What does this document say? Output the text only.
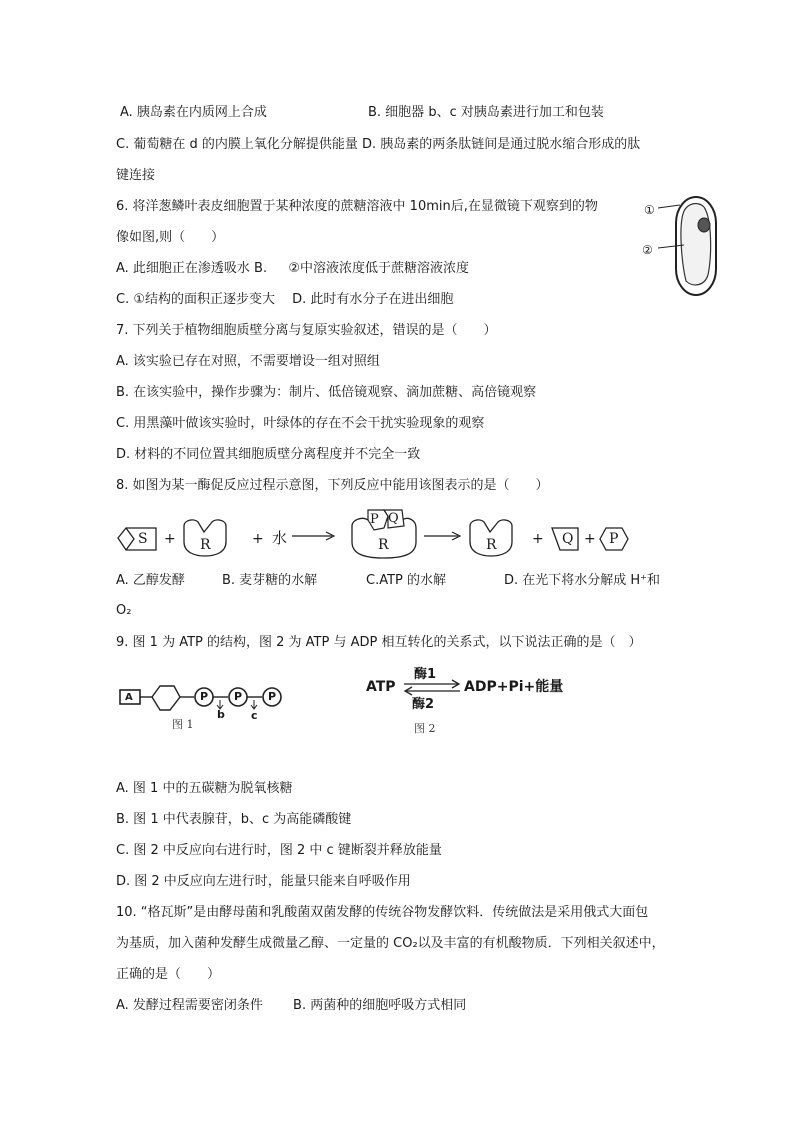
A. 胰岛素在内质网上合成	B. 细胞器 b、c 对胰岛素进行加工和包装
C. 葡萄糖在 d 的内膜上氧化分解提供能量 D. 胰岛素的两条肽链间是通过脱水缩合形成的肽
键连接
6. 将洋葱鳞叶表皮细胞置于某种浓度的蔗糖溶液中 10min后,在显微镜下观察到的物
像如图,则（　　）
A. 此细胞正在渗透吸水 B. 　 ②中溶液浓度低于蔗糖溶液浓度
C. ①结构的面积正逐步变大　 D. 此时有水分子在进出细胞
①
②
7. 下列关于植物细胞质壁分离与复原实验叙述，错误的是（　　）
A. 该实验已存在对照，不需要增设一组对照组
B. 在该实验中，操作步骤为：制片、低倍镜观察、滴加蔗糖、高倍镜观察
C. 用黑藻叶做该实验时，叶绿体的存在不会干扰实验现象的观察
D. 材料的不同位置其细胞质壁分离程度并不完全一致
8. 如图为某一酶促反应过程示意图，下列反应中能用该图表示的是（　　）
S + R	+ 水
P Q
R	R	+ Q + P
A. 乙醇发酵	B. 麦芽糖的水解	C.ATP 的水解	D. 在光下将水分解成 H⁺和
O₂
9. 图 1 为 ATP 的结构，图 2 为 ATP 与 ADP 相互转化的关系式，以下说法正确的是（　）
A	P P P
b c
图 1
ATP
酶1
酶2
ADP+Pi+能量
图 2
A. 图 1 中的五碳糖为脱氧核糖
B. 图 1 中代表腺苷，b、c 为高能磷酸键
C. 图 2 中反应向右进行时，图 2 中 c 键断裂并释放能量
D. 图 2 中反应向左进行时，能量只能来自呼吸作用
10. “格瓦斯”是由酵母菌和乳酸菌双菌发酵的传统谷物发酵饮料．传统做法是采用俄式大面包
为基质，加入菌种发酵生成微量乙醇、一定量的 CO₂以及丰富的有机酸物质．下列相关叙述中，
正确的是（　　）
A. 发酵过程需要密闭条件　　 B. 两菌种的细胞呼吸方式相同
